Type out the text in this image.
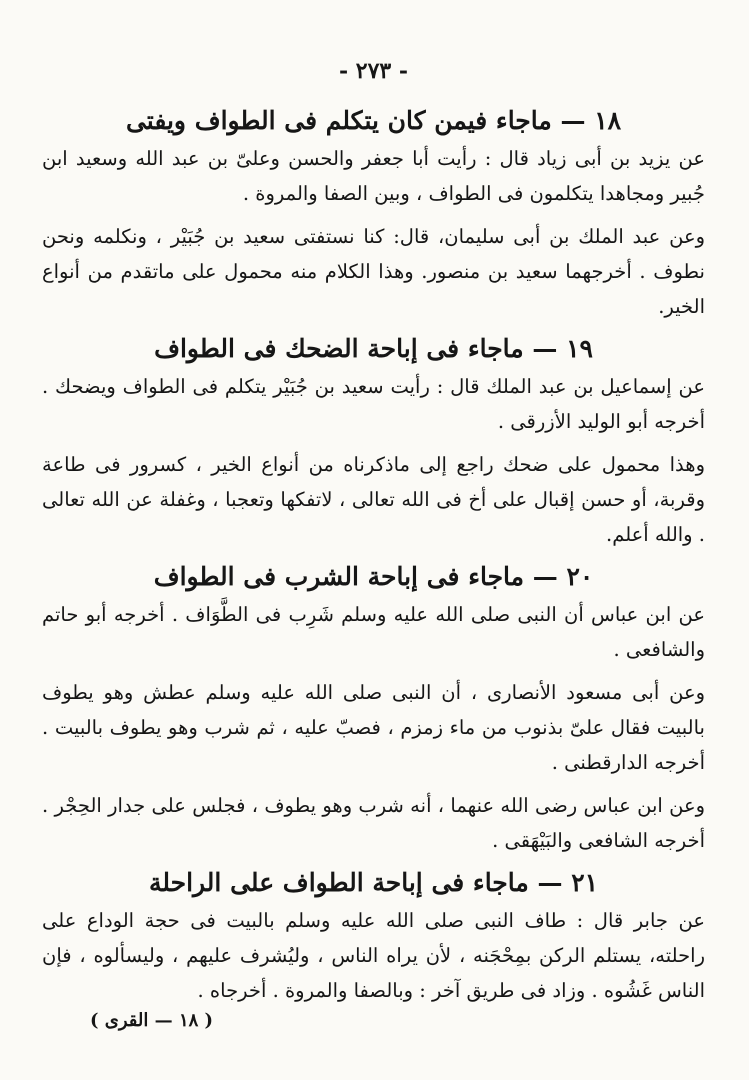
- ٢٧٣ -
١٨ — ماجاء فيمن كان يتكلم فى الطواف ويفتى

عن يزيد بن أبى زياد قال : رأيت أبا جعفر والحسن وعلىّ بن عبد الله وسعيد ابن جُبير ومجاهدا يتكلمون فى الطواف ، وبين الصفا والمروة .

وعن عبد الملك بن أبى سليمان، قال: كنا نستفتى سعيد بن جُبَيْر ، ونكلمه ونحن نطوف . أخرجهما سعيد بن منصور. وهذا الكلام منه محمول على ماتقدم من أنواع الخير.

١٩ — ماجاء فى إباحة الضحك فى الطواف

عن إسماعيل بن عبد الملك قال : رأيت سعيد بن جُبَيْر يتكلم فى الطواف ويضحك . أخرجه أبو الوليد الأزرقى .

وهذا محمول على ضحك راجع إلى ماذكرناه من أنواع الخير ، كسرور فى طاعة وقربة، أو حسن إقبال على أخ فى الله تعالى ، لاتفكها وتعجبا ، وغفلة عن الله تعالى . والله أعلم.

٢٠ — ماجاء فى إباحة الشرب فى الطواف

عن ابن عباس أن النبى صلى الله عليه وسلم شَرِب فى الطَّوَاف . أخرجه أبو حاتم والشافعى .

وعن أبى مسعود الأنصارى ، أن النبى صلى الله عليه وسلم عطش وهو يطوف بالبيت فقال علىّ بذنوب من ماء زمزم ، فصبّ عليه ، ثم شرب وهو يطوف بالبيت . أخرجه الدارقطنى .

وعن ابن عباس رضى الله عنهما ، أنه شرب وهو يطوف ، فجلس على جدار الحِجْر . أخرجه الشافعى والبَيْهَقى .

٢١ — ماجاء فى إباحة الطواف على الراحلة

عن جابر قال : طاف النبى صلى الله عليه وسلم بالبيت فى حجة الوداع على راحلته، يستلم الركن بمِحْجَنه ، لأن يراه الناس ، وليُشرف عليهم ، وليسألوه ، فإن الناس غَشُوه . وزاد فى طريق آخر : وبالصفا والمروة . أخرجاه .

( ١٨ — القرى )
